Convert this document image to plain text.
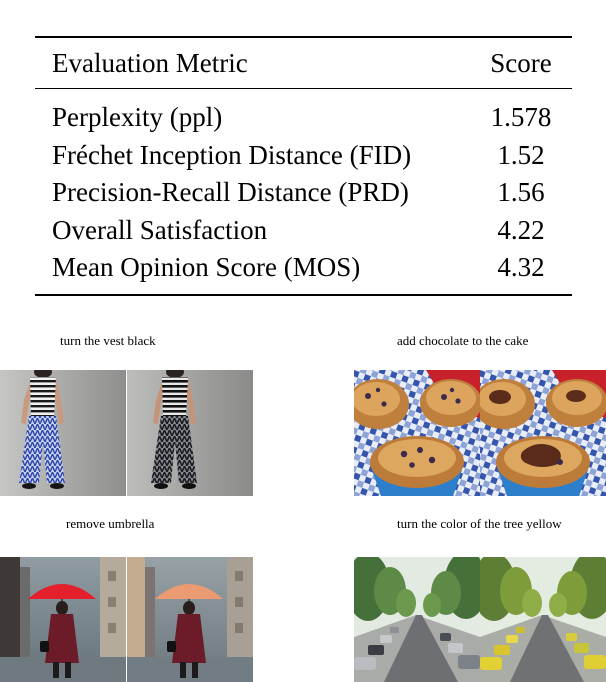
Evaluation Metric	Score
Perplexity (ppl)	1.578
Fréchet Inception Distance (FID)	1.52
Precision-Recall Distance (PRD)	1.56
Overall Satisfaction	4.22
Mean Opinion Score (MOS)	4.32
turn the vest black	add chocolate to the cake
remove umbrella	turn the color of the tree yellow
